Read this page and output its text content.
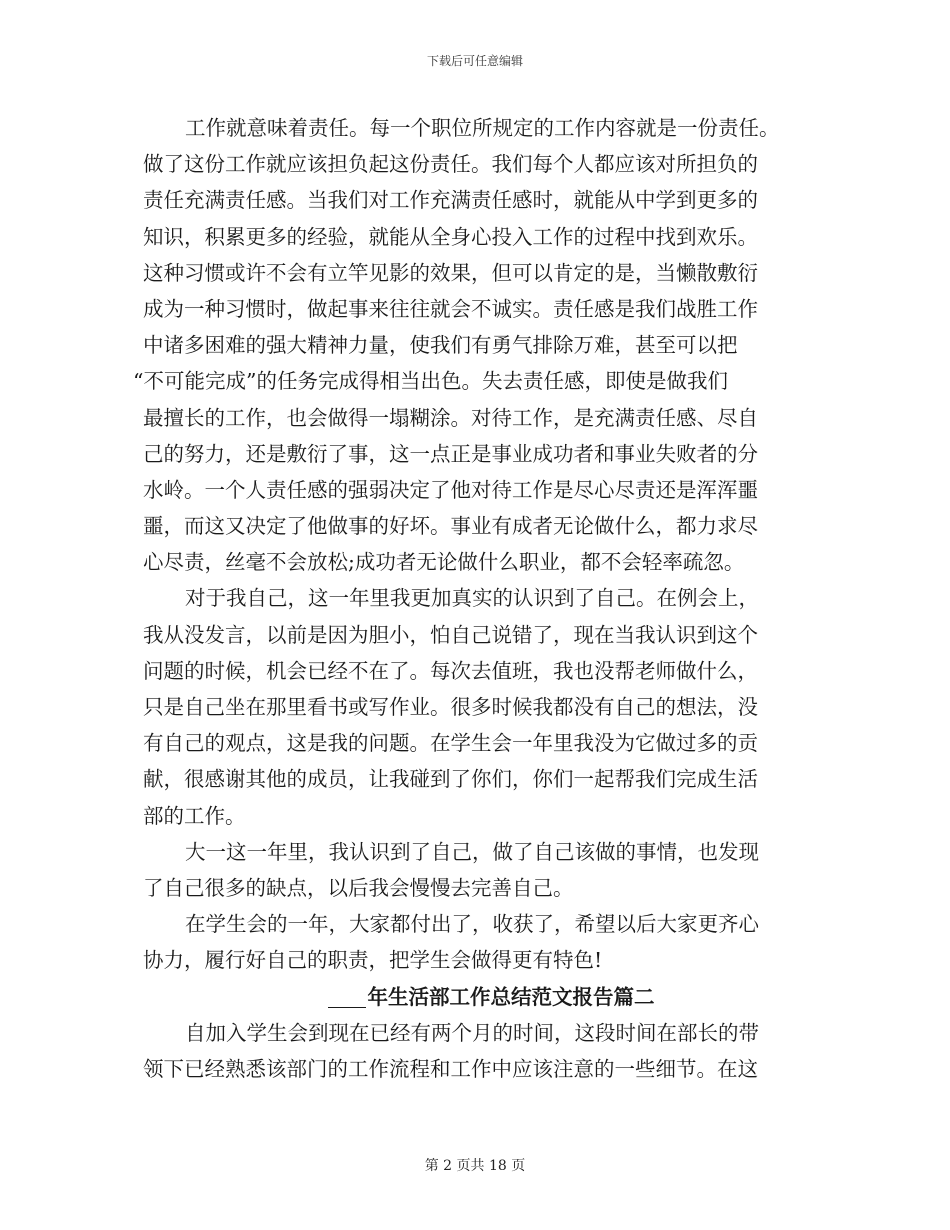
下载后可任意编辑
工作就意味着责任。每一个职位所规定的工作内容就是一份责任。
做了这份工作就应该担负起这份责任。我们每个人都应该对所担负的
责任充满责任感。当我们对工作充满责任感时，就能从中学到更多的
知识，积累更多的经验，就能从全身心投入工作的过程中找到欢乐。
这种习惯或许不会有立竿见影的效果，但可以肯定的是，当懒散敷衍
成为一种习惯时，做起事来往往就会不诚实。责任感是我们战胜工作
中诸多困难的强大精神力量，使我们有勇气排除万难，甚至可以把
“不可能完成”的任务完成得相当出色。失去责任感，即使是做我们
最擅长的工作，也会做得一塌糊涂。对待工作，是充满责任感、尽自
己的努力，还是敷衍了事，这一点正是事业成功者和事业失败者的分
水岭。一个人责任感的强弱决定了他对待工作是尽心尽责还是浑浑噩
噩，而这又决定了他做事的好坏。事业有成者无论做什么，都力求尽
心尽责，丝毫不会放松;成功者无论做什么职业，都不会轻率疏忽。
对于我自己，这一年里我更加真实的认识到了自己。在例会上，
我从没发言，以前是因为胆小，怕自己说错了，现在当我认识到这个
问题的时候，机会已经不在了。每次去值班，我也没帮老师做什么，
只是自己坐在那里看书或写作业。很多时候我都没有自己的想法，没
有自己的观点，这是我的问题。在学生会一年里我没为它做过多的贡
献，很感谢其他的成员，让我碰到了你们，你们一起帮我们完成生活
部的工作。
大一这一年里，我认识到了自己，做了自己该做的事情，也发现
了自己很多的缺点，以后我会慢慢去完善自己。
在学生会的一年，大家都付出了，收获了，希望以后大家更齐心
协力，履行好自己的职责，把学生会做得更有特色!
年生活部工作总结范文报告篇二
自加入学生会到现在已经有两个月的时间，这段时间在部长的带
领下已经熟悉该部门的工作流程和工作中应该注意的一些细节。在这
第 2 页共 18 页
